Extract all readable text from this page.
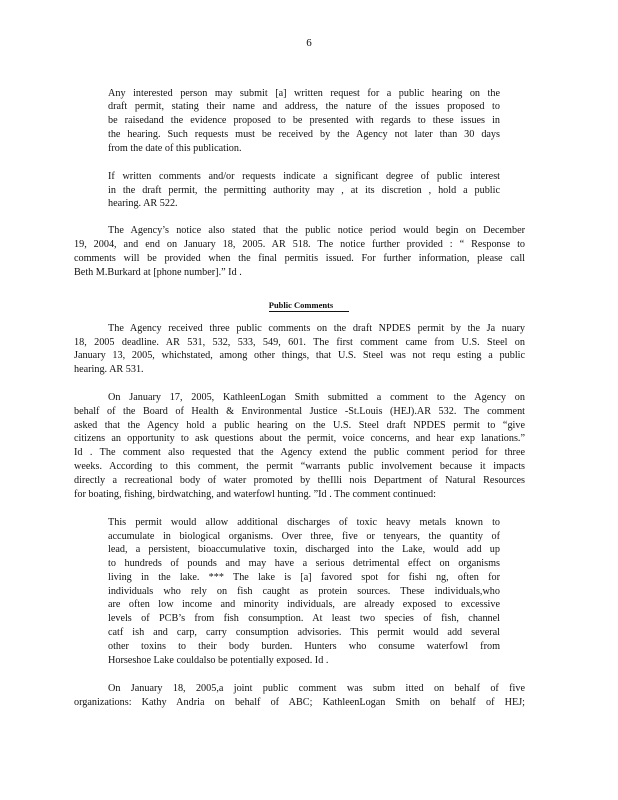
6
Any interested person may submit [a] written request for a public hearing on the
draft permit, stating their name and address, the nature of the issues proposed to
be raisedand the evidence proposed to be presented with regards to these issues in
the hearing. Such requests must be received by the Agency not later than 30 days
from the date of this publication.
If written comments and/or requests indicate a significant degree of public interest
in the draft permit, the permitting authority may , at its discretion , hold a public
hearing. AR 522.
The Agency’s notice also stated that the public notice period would begin on December
19, 2004, and end on January 18, 2005. AR 518. The notice further provided : “ Response to
comments will be provided when the final permitis issued. For further information, please call
Beth M.Burkard at [phone number].” Id .
Public Comments
The Agency received three public comments on the draft NPDES permit by the Ja nuary
18, 2005 deadline. AR 531, 532, 533, 549, 601. The first comment came from U.S. Steel on
January 13, 2005, whichstated, among other things, that U.S. Steel was not requ esting a public
hearing. AR 531.
On January 17, 2005, KathleenLogan Smith submitted a comment to the Agency on
behalf of the Board of Health & Environmental Justice -St.Louis (HEJ).AR 532. The comment
asked that the Agency hold a public hearing on the U.S. Steel draft NPDES permit to “give
citizens an opportunity to ask questions about the permit, voice concerns, and hear exp lanations.”
Id . The comment also requested that the Agency extend the public comment period for three
weeks. According to this comment, the permit “warrants public involvement because it impacts
directly a recreational body of water promoted by theIlli nois Department of Natural Resources
for boating, fishing, birdwatching, and waterfowl hunting. ”Id . The comment continued:
This permit would allow additional discharges of toxic heavy metals known to
accumulate in biological organisms. Over three, five or tenyears, the quantity of
lead, a persistent, bioaccumulative toxin, discharged into the Lake, would add up
to hundreds of pounds and may have a serious detrimental effect on organisms
living in the lake. *** The lake is [a] favored spot for fishi ng, often for
individuals who rely on fish caught as protein sources. These individuals,who
are often low income and minority individuals, are already exposed to excessive
levels of PCB’s from fish consumption. At least two species of fish, channel
catf ish and carp, carry consumption advisories. This permit would add several
other toxins to their body burden. Hunters who consume waterfowl from
Horseshoe Lake couldalso be potentially exposed. Id .
On January 18, 2005,a joint public comment was subm itted on behalf of five
organizations: Kathy Andria on behalf of ABC; KathleenLogan Smith on behalf of HEJ;
